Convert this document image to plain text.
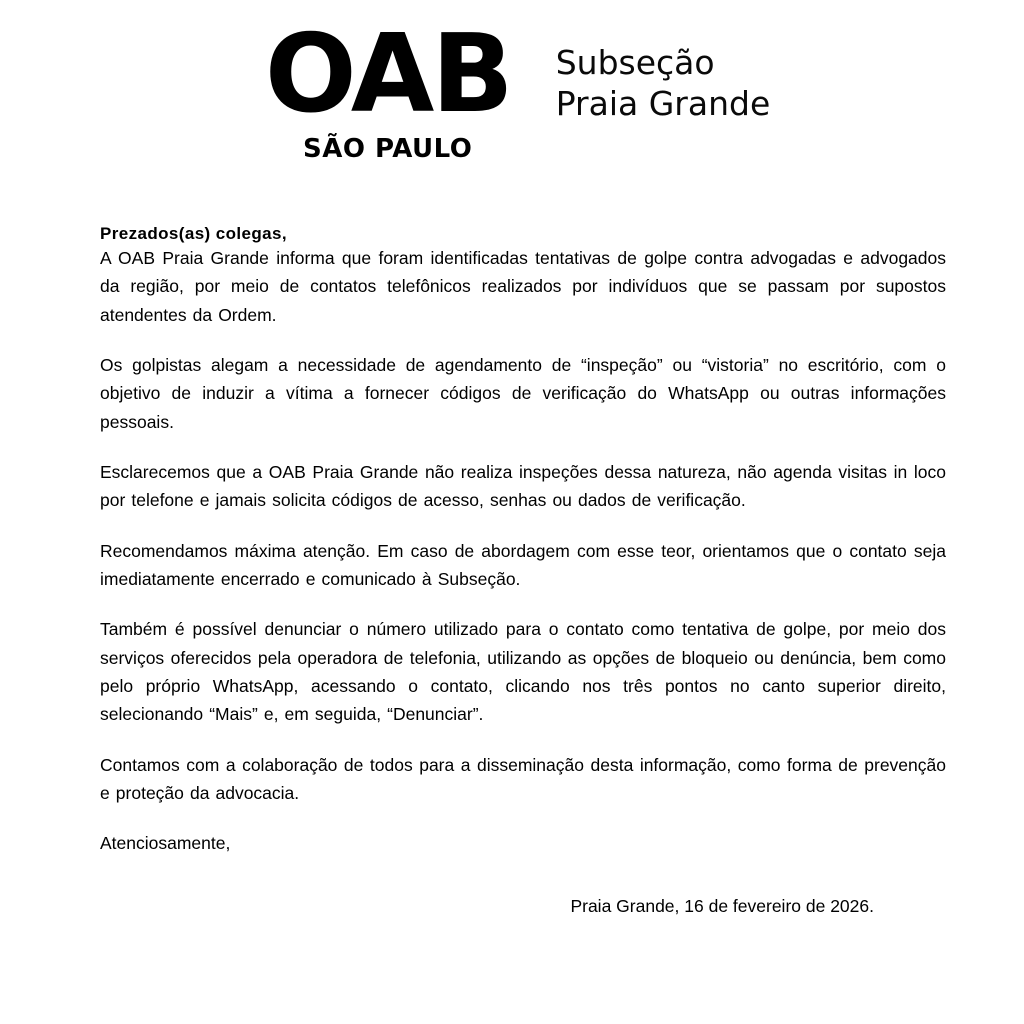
OAB
SÃO PAULO
Subseção
Praia Grande
Prezados(as) colegas,

A OAB Praia Grande informa que foram identificadas tentativas de golpe contra advogadas e advogados da região, por meio de contatos telefônicos realizados por indivíduos que se passam por supostos atendentes da Ordem.

Os golpistas alegam a necessidade de agendamento de “inspeção” ou “vistoria” no escritório, com o objetivo de induzir a vítima a fornecer códigos de verificação do WhatsApp ou outras informações pessoais.

Esclarecemos que a OAB Praia Grande não realiza inspeções dessa natureza, não agenda visitas in loco por telefone e jamais solicita códigos de acesso, senhas ou dados de verificação.

Recomendamos máxima atenção. Em caso de abordagem com esse teor, orientamos que o contato seja imediatamente encerrado e comunicado à Subseção.

Também é possível denunciar o número utilizado para o contato como tentativa de golpe, por meio dos serviços oferecidos pela operadora de telefonia, utilizando as opções de bloqueio ou denúncia, bem como pelo próprio WhatsApp, acessando o contato, clicando nos três pontos no canto superior direito, selecionando “Mais” e, em seguida, “Denunciar”.

Contamos com a colaboração de todos para a disseminação desta informação, como forma de prevenção e proteção da advocacia.

Atenciosamente,

Praia Grande, 16 de fevereiro de 2026.
